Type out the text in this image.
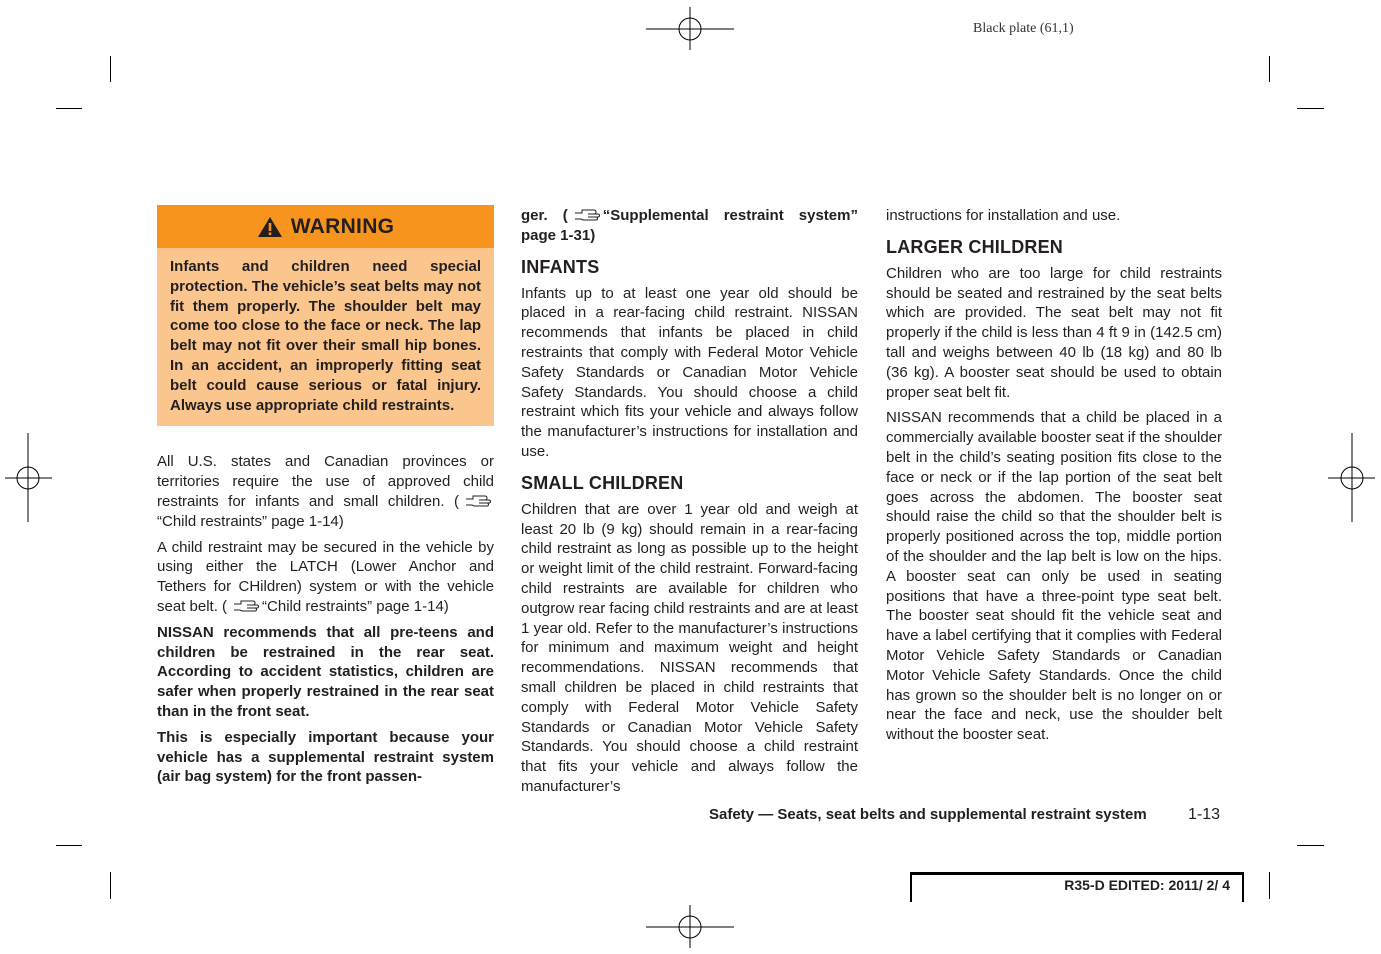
Black plate (61,1)
WARNING
Infants and children need special protection. The vehicle’s seat belts may not fit them properly. The shoulder belt may come too close to the face or neck. The lap belt may not fit over their small hip bones. In an accident, an improperly fitting seat belt could cause serious or fatal injury. Always use appropriate child restraints.

All U.S. states and Canadian provinces or territories require the use of approved child restraints for infants and small children. (“Child restraints” page 1-14)

A child restraint may be secured in the vehicle by using either the LATCH (Lower Anchor and Tethers for CHildren) system or with the vehicle seat belt. ( “Child restraints” page 1-14)

NISSAN recommends that all pre-teens and children be restrained in the rear seat. According to accident statistics, children are safer when properly restrained in the rear seat than in the front seat.

This is especially important because your vehicle has a supplemental restraint system (air bag system) for the front passen-

ger. ( “Supplemental restraint system” page 1-31)

INFANTS

Infants up to at least one year old should be placed in a rear-facing child restraint. NISSAN recommends that infants be placed in child restraints that comply with Federal Motor Vehicle Safety Standards or Canadian Motor Vehicle Safety Standards. You should choose a child restraint which fits your vehicle and always follow the manufacturer’s instructions for installation and use.

SMALL CHILDREN

Children that are over 1 year old and weigh at least 20 lb (9 kg) should remain in a rear-facing child restraint as long as possible up to the height or weight limit of the child restraint. Forward-facing child restraints are available for children who outgrow rear facing child restraints and are at least 1 year old. Refer to the manufacturer’s instructions for minimum and maximum weight and height recommendations. NISSAN recommends that small children be placed in child restraints that comply with Federal Motor Vehicle Safety Standards or Canadian Motor Vehicle Safety Standards. You should choose a child restraint that fits your vehicle and always follow the manufacturer’s

instructions for installation and use.

LARGER CHILDREN

Children who are too large for child restraints should be seated and restrained by the seat belts which are provided. The seat belt may not fit properly if the child is less than 4 ft 9 in (142.5 cm) tall and weighs between 40 lb (18 kg) and 80 lb (36 kg). A booster seat should be used to obtain proper seat belt fit.

NISSAN recommends that a child be placed in a commercially available booster seat if the shoulder belt in the child’s seating position fits close to the face or neck or if the lap portion of the seat belt goes across the abdomen. The booster seat should raise the child so that the shoulder belt is properly positioned across the top, middle portion of the shoulder and the lap belt is low on the hips. A booster seat can only be used in seating positions that have a three-point type seat belt. The booster seat should fit the vehicle seat and have a label certifying that it complies with Federal Motor Vehicle Safety Standards or Canadian Motor Vehicle Safety Standards. Once the child has grown so the shoulder belt is no longer on or near the face and neck, use the shoulder belt without the booster seat.

Safety — Seats, seat belts and supplemental restraint system	1-13
R35-D EDITED: 2011/ 2/ 4
